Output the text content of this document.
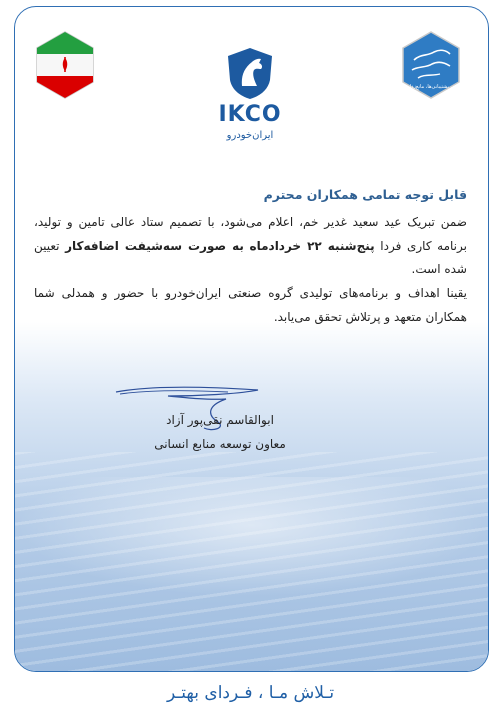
IKCO
ایران‌خودرو
تولید، پشتیبانی‌ها، مانع‌زدایی‌ها
قابل توجه تمامی همکاران محترم
ضمن تبریک عید سعید غدیر خم، اعلام می‌شود، با تصمیم ستاد عالی تامین و تولید، برنامه کاری فردا پنج‌شنبه ۲۲ خردادماه به صورت سه‌شیفت اضافه‌کار تعیین شده است.
یقینا اهداف و برنامه‌های تولیدی گروه صنعتی ایران‌خودرو با حضور و همدلی شما همکاران متعهد و پرتلاش تحقق می‌یابد.
ابوالقاسم نقی‌پور آزاد
معاون توسعه منابع انسانی
تـلاش مـا ، فـردای بهتـر
